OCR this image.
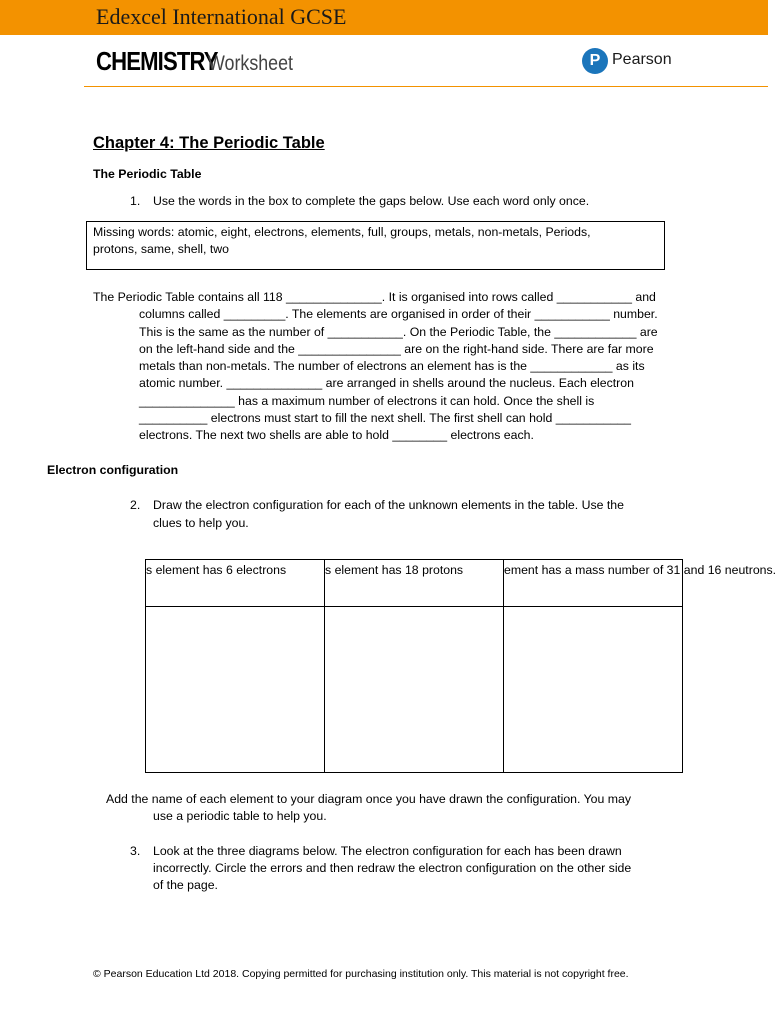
Edexcel International GCSE
CHEMISTRY
Worksheet	P Pearson
Chapter 4: The Periodic Table
The Periodic Table
1. Use the words in the box to complete the gaps below. Use each word only once.
Missing words: atomic, eight, electrons, elements, full, groups, metals, non-metals, Periods,
protons, same, shell, two
The Periodic Table contains all 118 ______________. It is organised into rows called ___________ and
columns called _________. The elements are organised in order of their ___________ number.
This is the same as the number of ___________. On the Periodic Table, the ____________ are
on the left-hand side and the _______________ are on the right-hand side. There are far more
metals than non-metals. The number of electrons an element has is the ____________ as its
atomic number. ______________ are arranged in shells around the nucleus. Each electron
______________ has a maximum number of electrons it can hold. Once the shell is
__________ electrons must start to fill the next shell. The first shell can hold ___________
electrons. The next two shells are able to hold ________ electrons each.
Electron configuration
2. Draw the electron configuration for each of the unknown elements in the table. Use the
clues to help you.
s element has 6 electrons	s element has 18 protons	ement has a mass number of 31 and 16 neutrons.

Add the name of each element to your diagram once you have drawn the configuration. You may
use a periodic table to help you.
3. Look at the three diagrams below. The electron configuration for each has been drawn
incorrectly. Circle the errors and then redraw the electron configuration on the other side
of the page.
© Pearson Education Ltd 2018. Copying permitted for purchasing institution only. This material is not copyright free.
